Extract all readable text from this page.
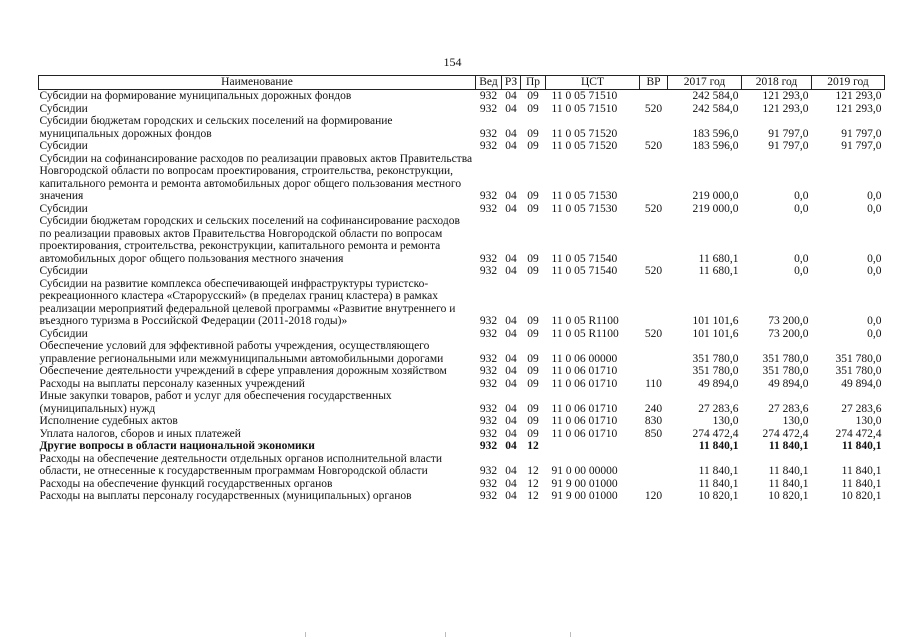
154
Наименование	Вед	РЗ	Пр	ЦСТ	ВР	2017 год	2018 год	2019 год
Субсидии на формирование муниципальных дорожных фондов	932	04	09	11 0 05 71510		242 584,0	121 293,0	121 293,0
Субсидии	932	04	09	11 0 05 71510	520	242 584,0	121 293,0	121 293,0
Субсидии бюджетам городских и сельских поселений на формирование муниципальных дорожных фондов	932	04	09	11 0 05 71520		183 596,0	91 797,0	91 797,0
Субсидии	932	04	09	11 0 05 71520	520	183 596,0	91 797,0	91 797,0
Субсидии на софинансирование расходов по реализации правовых актов Правительства Новгородской области по вопросам проектирования, строительства, реконструкции, капитального ремонта и ремонта автомобильных дорог общего пользования местного значения	932	04	09	11 0 05 71530		219 000,0	0,0	0,0
Субсидии	932	04	09	11 0 05 71530	520	219 000,0	0,0	0,0
Субсидии бюджетам городских и сельских поселений на софинансирование расходов по реализации правовых актов Правительства Новгородской области по вопросам проектирования, строительства, реконструкции, капитального ремонта и ремонта автомобильных дорог общего пользования местного значения	932	04	09	11 0 05 71540		11 680,1	0,0	0,0
Субсидии	932	04	09	11 0 05 71540	520	11 680,1	0,0	0,0
Субсидии на развитие комплекса обеспечивающей инфраструктуры туристско-рекреационного кластера «Старорусский» (в пределах границ кластера) в рамках реализации мероприятий федеральной целевой программы «Развитие внутреннего и въездного туризма в Российской Федерации (2011-2018 годы)»	932	04	09	11 0 05 R1100		101 101,6	73 200,0	0,0
Субсидии	932	04	09	11 0 05 R1100	520	101 101,6	73 200,0	0,0
Обеспечение условий для эффективной работы учреждения, осуществляющего управление региональными или межмуниципальными автомобильными дорогами	932	04	09	11 0 06 00000		351 780,0	351 780,0	351 780,0
Обеспечение деятельности учреждений в сфере управления дорожным хозяйством	932	04	09	11 0 06 01710		351 780,0	351 780,0	351 780,0
Расходы на выплаты персоналу казенных учреждений	932	04	09	11 0 06 01710	110	49 894,0	49 894,0	49 894,0
Иные закупки товаров, работ и услуг для обеспечения государственных (муниципальных) нужд	932	04	09	11 0 06 01710	240	27 283,6	27 283,6	27 283,6
Исполнение судебных актов	932	04	09	11 0 06 01710	830	130,0	130,0	130,0
Уплата налогов, сборов и иных платежей	932	04	09	11 0 06 01710	850	274 472,4	274 472,4	274 472,4
Другие вопросы в области национальной экономики	932	04	12			11 840,1	11 840,1	11 840,1
Расходы на обеспечение деятельности отдельных органов исполнительной власти области, не отнесенные к государственным программам Новгородской области	932	04	12	91 0 00 00000		11 840,1	11 840,1	11 840,1
Расходы на обеспечение функций государственных органов	932	04	12	91 9 00 01000		11 840,1	11 840,1	11 840,1
Расходы на выплаты персоналу государственных (муниципальных) органов	932	04	12	91 9 00 01000	120	10 820,1	10 820,1	10 820,1
